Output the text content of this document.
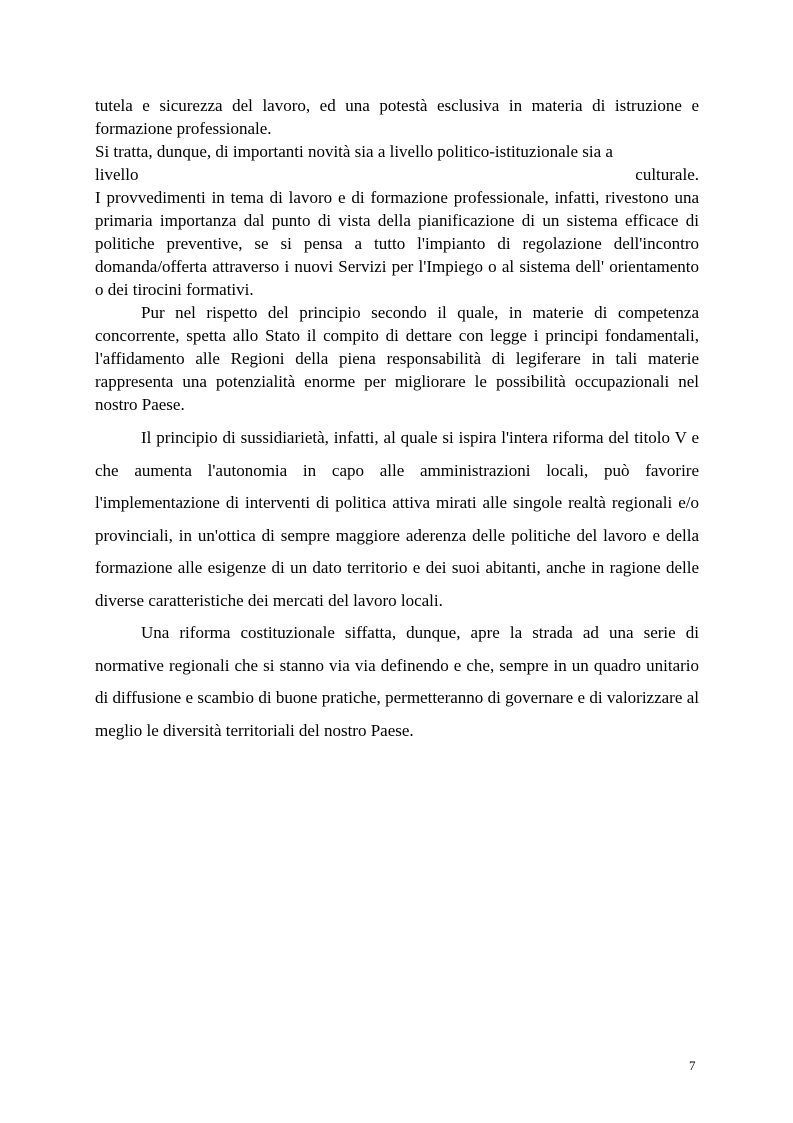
tutela e sicurezza del lavoro, ed una potestà esclusiva in materia di istruzione e formazione professionale.

Si tratta, dunque, di importanti novità sia a livello politico-istituzionale sia a

livello	culturale.

I provvedimenti in tema di lavoro e di formazione professionale, infatti, rivestono una primaria importanza dal punto di vista della pianificazione di un sistema efficace di politiche preventive, se si pensa a tutto l'impianto di regolazione dell'incontro domanda/offerta attraverso i nuovi Servizi per l'Impiego o al sistema dell' orientamento o dei tirocini formativi.

Pur nel rispetto del principio secondo il quale, in materie di competenza concorrente, spetta allo Stato il compito di dettare con legge i principi fondamentali, l'affidamento alle Regioni della piena responsabilità di legiferare in tali materie rappresenta una potenzialità enorme per migliorare le possibilità occupazionali nel nostro Paese.

Il principio di sussidiarietà, infatti, al quale si ispira l'intera riforma del titolo V e che aumenta l'autonomia in capo alle amministrazioni locali, può favorire l'implementazione di interventi di politica attiva mirati alle singole realtà regionali e/o provinciali, in un'ottica di sempre maggiore aderenza delle politiche del lavoro e della formazione alle esigenze di un dato territorio e dei suoi abitanti, anche in ragione delle diverse caratteristiche dei mercati del lavoro locali.

Una riforma costituzionale siffatta, dunque, apre la strada ad una serie di normative regionali che si stanno via via definendo e che, sempre in un quadro unitario di diffusione e scambio di buone pratiche, permetteranno di governare e di valorizzare al meglio le diversità territoriali del nostro Paese.

7
